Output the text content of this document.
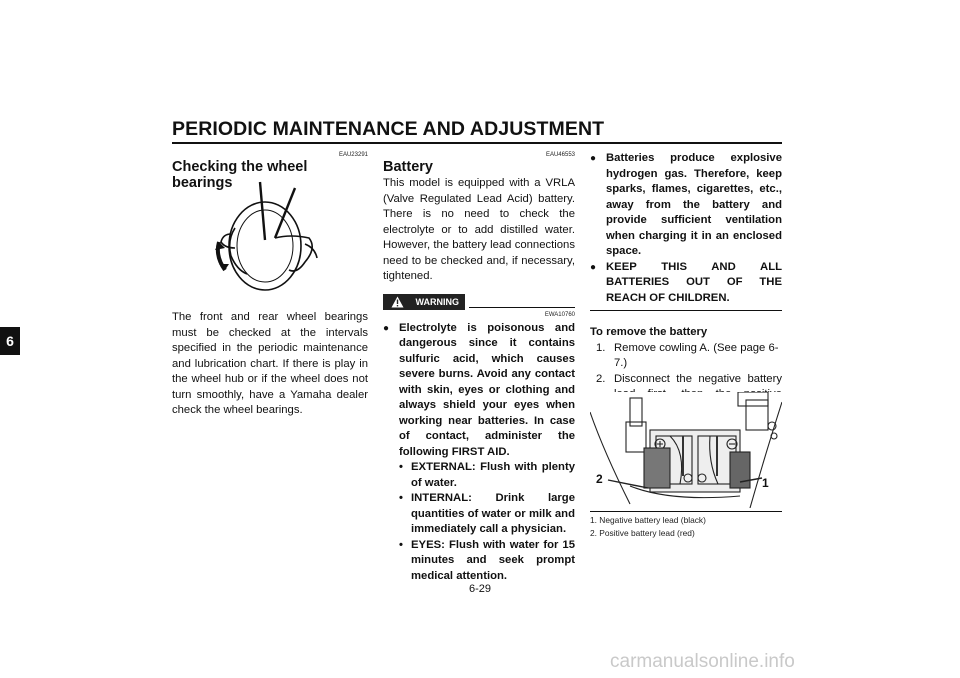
PERIODIC MAINTENANCE AND ADJUSTMENT
6
EAU23291
Checking the wheel bearings

The front and rear wheel bearings must be checked at the intervals specified in the periodic maintenance and lubrication chart. If there is play in the wheel hub or if the wheel does not turn smoothly, have a Yamaha dealer check the wheel bearings.

EAU46553
Battery
This model is equipped with a VRLA (Valve Regulated Lead Acid) battery. There is no need to check the electrolyte or to add distilled water. However, the battery lead connections need to be checked and, if necessary, tightened.
WARNING
EWA10760
● Electrolyte is poisonous and dangerous since it contains sulfuric acid, which causes severe burns. Avoid any contact with skin, eyes or clothing and always shield your eyes when working near batteries. In case of contact, administer the following FIRST AID.
• EXTERNAL: Flush with plenty of water.
• INTERNAL: Drink large quantities of water or milk and immediately call a physician.
• EYES: Flush with water for 15 minutes and seek prompt medical attention.
● Batteries produce explosive hydrogen gas. Therefore, keep sparks, flames, cigarettes, etc., away from the battery and provide sufficient ventilation when charging it in an enclosed space.
● KEEP THIS AND ALL BATTERIES OUT OF THE REACH OF CHILDREN.
To remove the battery
1. Remove cowling A. (See page 6-7.)
2. Disconnect the negative battery
2	1
1. Negative battery lead (black)
2. Positive battery lead (red)
6-29
carmanualsonline.info
